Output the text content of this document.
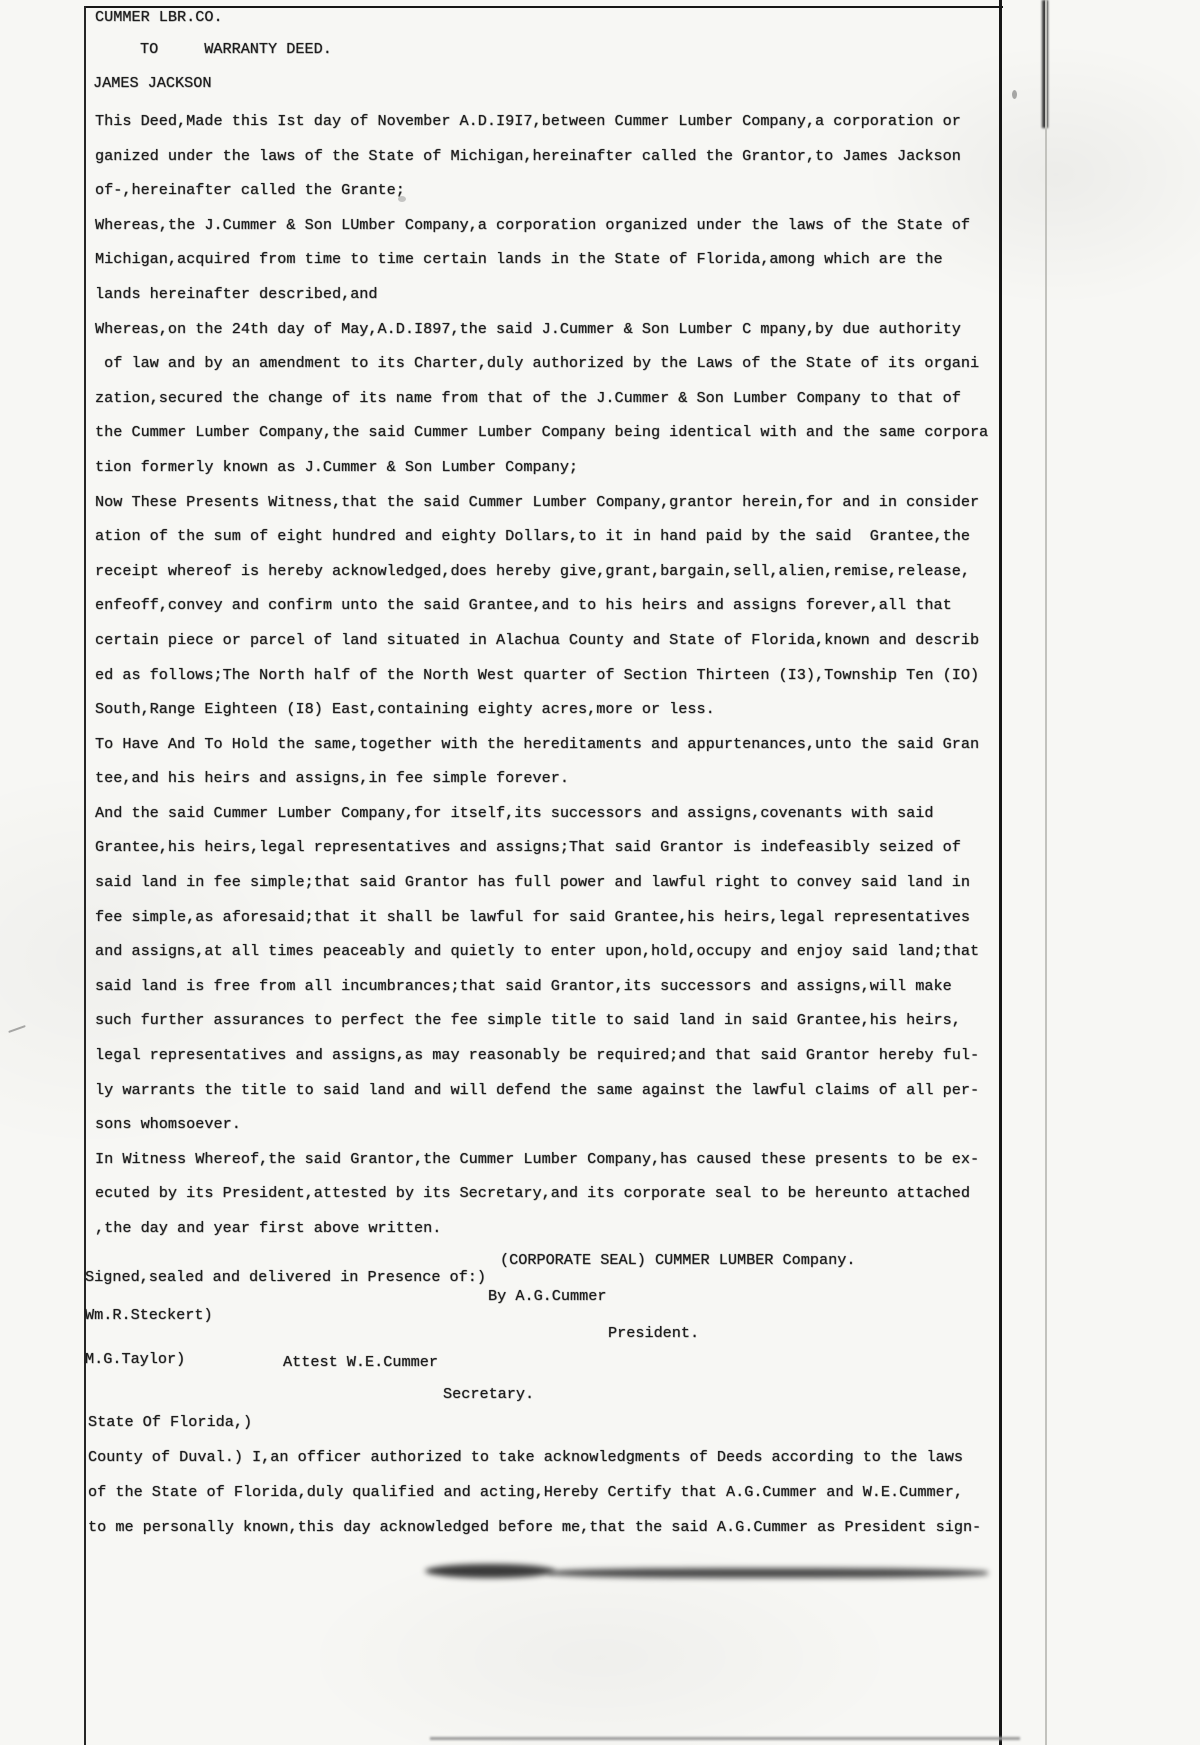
CUMMER LBR.CO.
TO	WARRANTY DEED.
JAMES JACKSON
This Deed,Made this Ist day of November A.D.I9I7,between Cummer Lumber Company,a corporation or
ganized under the laws of the State of Michigan,hereinafter called the Grantor,to James Jackson
of-,hereinafter called the Grante;
Whereas,the J.Cummer & Son LUmber Company,a corporation organized under the laws of the State of
Michigan,acquired from time to time certain lands in the State of Florida,among which are the
lands hereinafter described,and
Whereas,on the 24th day of May,A.D.I897,the said J.Cummer & Son Lumber C mpany,by due authority
of law and by an amendment to its Charter,duly authorized by the Laws of the State of its organi
zation,secured the change of its name from that of the J.Cummer & Son Lumber Company to that of
the Cummer Lumber Company,the said Cummer Lumber Company being identical with and the same corpora
tion formerly known as J.Cummer & Son Lumber Company;
Now These Presents Witness,that the said Cummer Lumber Company,grantor herein,for and in consider
ation of the sum of eight hundred and eighty Dollars,to it in hand paid by the said  Grantee,the
receipt whereof is hereby acknowledged,does hereby give,grant,bargain,sell,alien,remise,release,
enfeoff,convey and confirm unto the said Grantee,and to his heirs and assigns forever,all that
certain piece or parcel of land situated in Alachua County and State of Florida,known and describ
ed as follows;The North half of the North West quarter of Section Thirteen (I3),Township Ten (IO)
South,Range Eighteen (I8) East,containing eighty acres,more or less.
To Have And To Hold the same,together with the hereditaments and appurtenances,unto the said Gran
tee,and his heirs and assigns,in fee simple forever.
And the said Cummer Lumber Company,for itself,its successors and assigns,covenants with said
Grantee,his heirs,legal representatives and assigns;That said Grantor is indefeasibly seized of
said land in fee simple;that said Grantor has full power and lawful right to convey said land in
fee simple,as aforesaid;that it shall be lawful for said Grantee,his heirs,legal representatives
and assigns,at all times peaceably and quietly to enter upon,hold,occupy and enjoy said land;that
said land is free from all incumbrances;that said Grantor,its successors and assigns,will make
such further assurances to perfect the fee simple title to said land in said Grantee,his heirs,
legal representatives and assigns,as may reasonably be required;and that said Grantor hereby ful-
ly warrants the title to said land and will defend the same against the lawful claims of all per-
sons whomsoever.
In Witness Whereof,the said Grantor,the Cummer Lumber Company,has caused these presents to be ex-
ecuted by its President,attested by its Secretary,and its corporate seal to be hereunto attached
,the day and year first above written.
(CORPORATE SEAL) CUMMER LUMBER Company.
Signed,sealed and delivered in Presence of:)
By A.G.Cummer
Wm.R.Steckert)
President.
M.G.Taylor)	Attest W.E.Cummer
Secretary.
State Of Florida,)
County of Duval.) I,an officer authorized to take acknowledgments of Deeds according to the laws
of the State of Florida,duly qualified and acting,Hereby Certify that A.G.Cummer and W.E.Cummer,
to me personally known,this day acknowledged before me,that the said A.G.Cummer as President sign-
